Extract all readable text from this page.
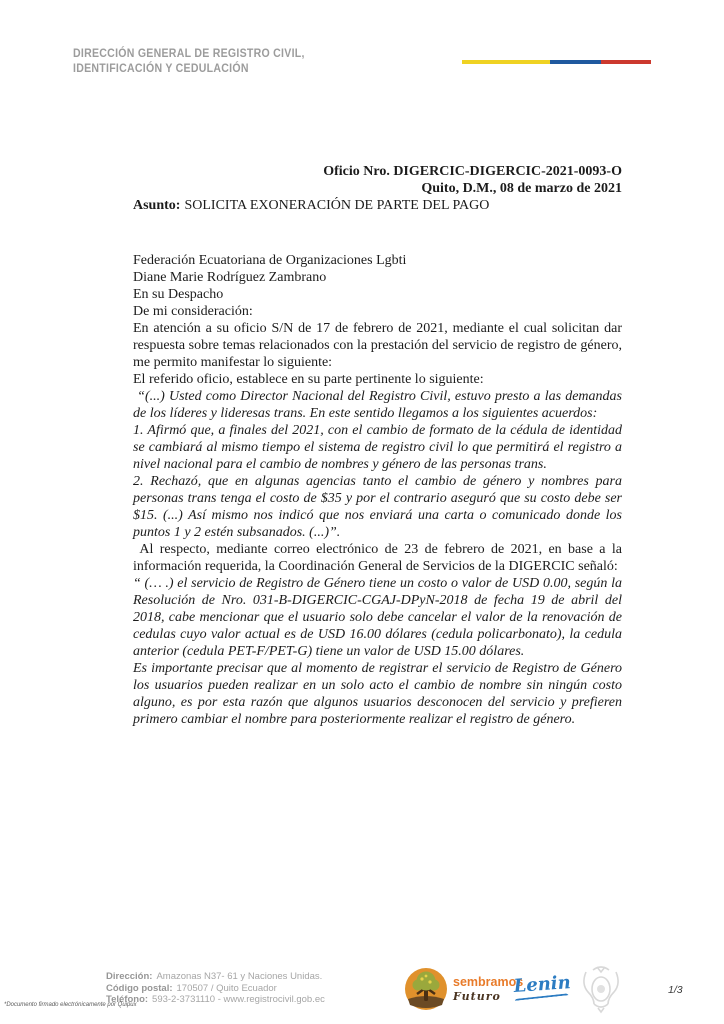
DIRECCIÓN GENERAL DE REGISTRO CIVIL,
IDENTIFICACIÓN Y CEDULACIÓN

Oficio Nro. DIGERCIC-DIGERCIC-2021-0093-O

Quito, D.M., 08 de marzo de 2021

Asunto: SOLICITA EXONERACIÓN DE PARTE DEL PAGO

Federación Ecuatoriana de Organizaciones Lgbti

Diane Marie Rodríguez Zambrano

En su Despacho

De mi consideración:

En atención a su oficio S/N de 17 de febrero de 2021, mediante el cual solicitan dar respuesta sobre temas relacionados con la prestación del servicio de registro de género, me permito manifestar lo siguiente:

El referido oficio, establece en su parte pertinente lo siguiente:

“(...) Usted como Director Nacional del Registro Civil, estuvo presto a las demandas de los líderes y lideresas trans. En este sentido llegamos a los siguientes acuerdos:

1. Afirmó que, a finales del 2021, con el cambio de formato de la cédula de identidad se cambiará al mismo tiempo el sistema de registro civil lo que permitirá el registro a nivel nacional para el cambio de nombres y género de las personas trans.

2. Rechazó, que en algunas agencias tanto el cambio de género y nombres para personas trans tenga el costo de $35 y por el contrario aseguró que su costo debe ser $15. (...) Así mismo nos indicó que nos enviará una carta o comunicado donde los puntos 1 y 2 estén subsanados. (...)”.

Al respecto, mediante correo electrónico de 23 de febrero de 2021, en base a la información requerida, la Coordinación General de Servicios de la DIGERCIC señaló:

“ (… .) el servicio de Registro de Género tiene un costo o valor de USD 0.00, según la Resolución de Nro. 031-B-DIGERCIC-CGAJ-DPyN-2018 de fecha 19 de abril del 2018, cabe mencionar que el usuario solo debe cancelar el valor de la renovación de cedulas cuyo valor actual es de USD 16.00 dólares (cedula policarbonato), la cedula anterior (cedula PET-F/PET-G) tiene un valor de USD 15.00 dólares.

Es importante precisar que al momento de registrar el servicio de Registro de Género los usuarios pueden realizar en un solo acto el cambio de nombre sin ningún costo alguno, es por esta razón que algunos usuarios desconocen del servicio y prefieren primero cambiar el nombre para posteriormente realizar el registro de género.

Dirección: Amazonas N37- 61 y Naciones Unidas.
Código postal: 170507 / Quito Ecuador
Teléfono: 593-2-3731110 - www.registrocivil.gob.ec
*Documento firmado electrónicamente por Quipux
sembramos
Futuro Lenin	1/3
